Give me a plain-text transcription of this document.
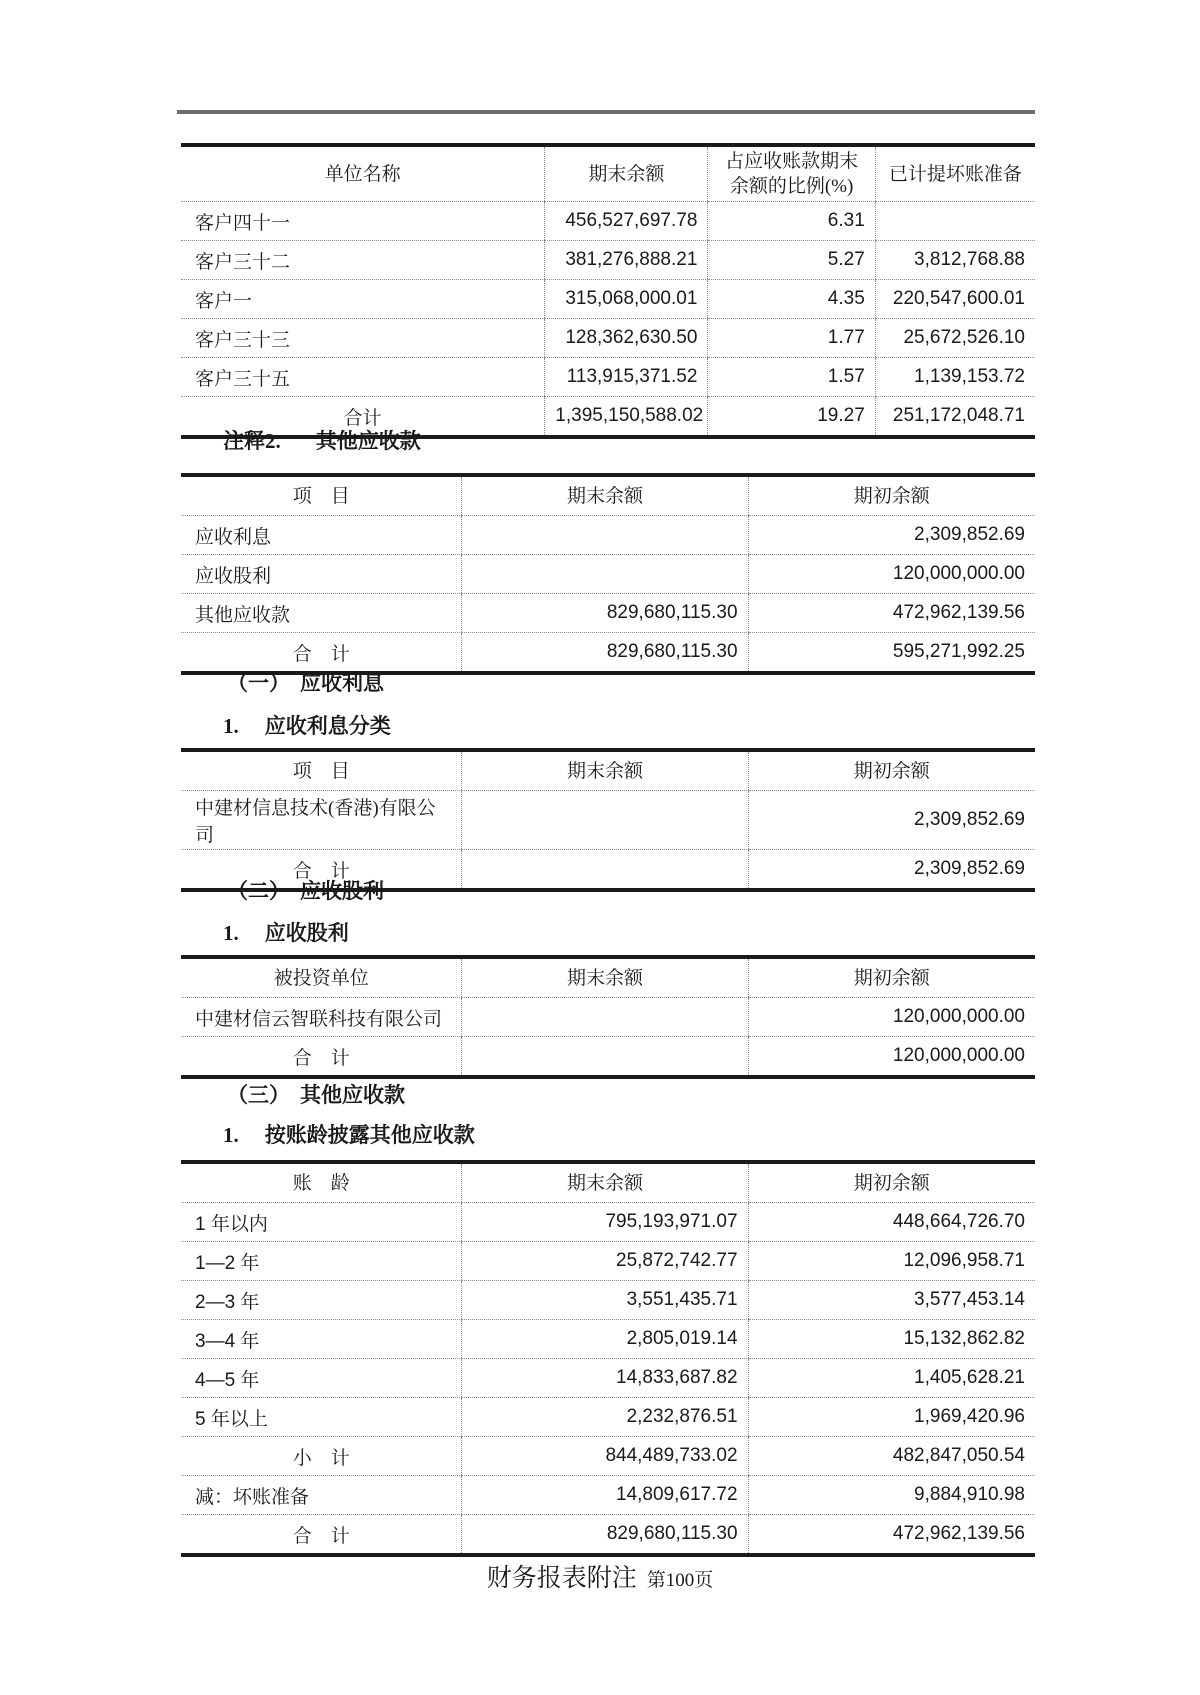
单位名称	期末余额	占应收账款期末余额的比例(%)	已计提坏账准备
客户四十一	456,527,697.78	6.31	
客户三十二	381,276,888.21	5.27	3,812,768.88
客户一	315,068,000.01	4.35	220,547,600.01
客户三十三	128,362,630.50	1.77	25,672,526.10
客户三十五	113,915,371.52	1.57	1,139,153.72
合计	1,395,150,588.02	19.27	251,172,048.71
注释2. 其他应收款
项　目	期末余额	期初余额
应收利息		2,309,852.69
应收股利		120,000,000.00
其他应收款	829,680,115.30	472,962,139.56
合　计	829,680,115.30	595,271,992.25
（一） 应收利息
1. 应收利息分类
项　目	期末余额	期初余额
中建材信息技术(香港)有限公司		2,309,852.69
合　计		2,309,852.69
（二） 应收股利
1. 应收股利
被投资单位	期末余额	期初余额
中建材信云智联科技有限公司		120,000,000.00
合　计		120,000,000.00
（三） 其他应收款
1. 按账龄披露其他应收款
账　龄	期末余额	期初余额
1 年以内	795,193,971.07	448,664,726.70
1—2 年	25,872,742.77	12,096,958.71
2—3 年	3,551,435.71	3,577,453.14
3—4 年	2,805,019.14	15,132,862.82
4—5 年	14,833,687.82	1,405,628.21
5 年以上	2,232,876.51	1,969,420.96
小　计	844,489,733.02	482,847,050.54
减：坏账准备	14,809,617.72	9,884,910.98
合　计	829,680,115.30	472,962,139.56
财务报表附注 第100页
